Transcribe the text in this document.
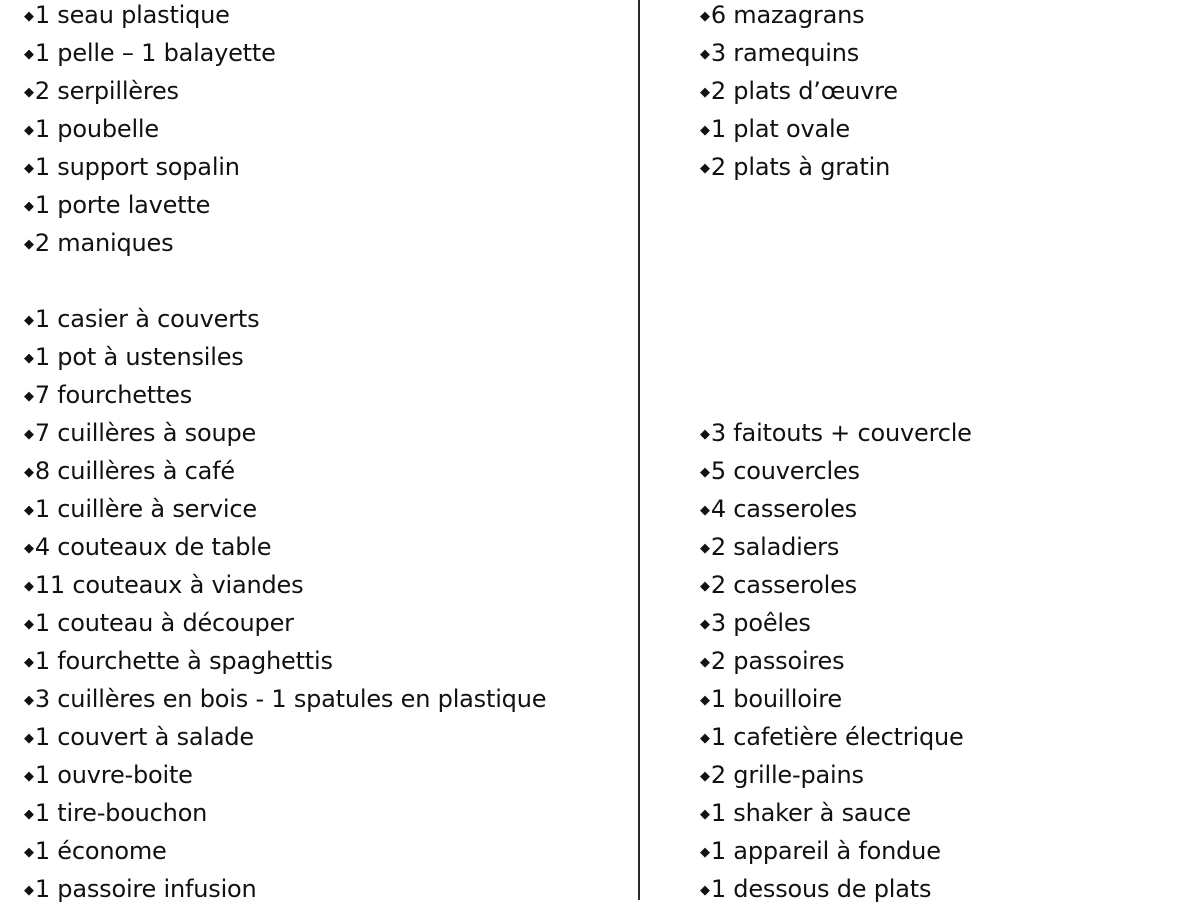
◆1 seau plastique
◆1 pelle – 1 balayette
◆2 serpillères
◆1 poubelle
◆1 support sopalin
◆1 porte lavette
◆2 maniques
◆1 casier à couverts
◆1 pot à ustensiles
◆7 fourchettes
◆7 cuillères à soupe
◆8 cuillères à café
◆1 cuillère à service
◆4 couteaux de table
◆11 couteaux à viandes
◆1 couteau à découper
◆1 fourchette à spaghettis
◆3 cuillères en bois - 1 spatules en plastique
◆1 couvert à salade
◆1 ouvre-boite
◆1 tire-bouchon
◆1 économe
◆1 passoire infusion
◆6 mazagrans
◆3 ramequins
◆2 plats d’œuvre
◆1 plat ovale
◆2 plats à gratin
◆3 faitouts + couvercle
◆5 couvercles
◆4 casseroles
◆2 saladiers
◆2 casseroles
◆3 poêles
◆2 passoires
◆1 bouilloire
◆1 cafetière électrique
◆2 grille-pains
◆1 shaker à sauce
◆1 appareil à fondue
◆1 dessous de plats
